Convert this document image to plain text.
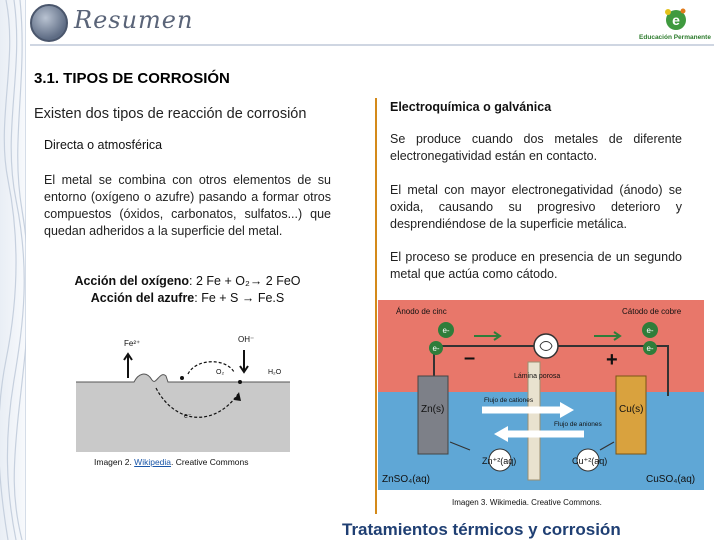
Resumen	e
Educación Permanente
3.1. TIPOS DE CORROSIÓN
Existen dos tipos de reacción de corrosión
Directa o atmosférica
El metal se combina con otros elementos de su entorno (oxígeno o azufre) pasando a formar otros compuestos (óxidos, carbonatos, sulfatos...) que quedan adheridos a la superficie del metal.
Acción del oxígeno: 2 Fe + O₂→ 2 FeO
Acción del azufre: Fe + S → Fe.S
Fe²⁺	OH⁻
O₂	H₂O
e⁻
Imagen 2. Wikipedia. Creative Commons
Electroquímica o galvánica
Se produce cuando dos metales de diferente electronegatividad están en contacto.
El metal con mayor electronegatividad (ánodo) se oxida, causando su progresivo deterioro y desprendiéndose de la superficie metálica.
El proceso se produce en presencia de un segundo metal que actúa como cátodo.
e-
e-
e-
e-
Ánodo de cinc	Cátodo de cobre
–	+
Lámina porosa
Zn(s)	Cu(s)
Flujo de cationes
Flujo de aniones
Zn⁺²(aq)	Cu⁺²(aq)
ZnSO₄(aq)	CuSO₄(aq)
Imagen 3. Wikimedia. Creative Commons.
Tratamientos térmicos y corrosión
